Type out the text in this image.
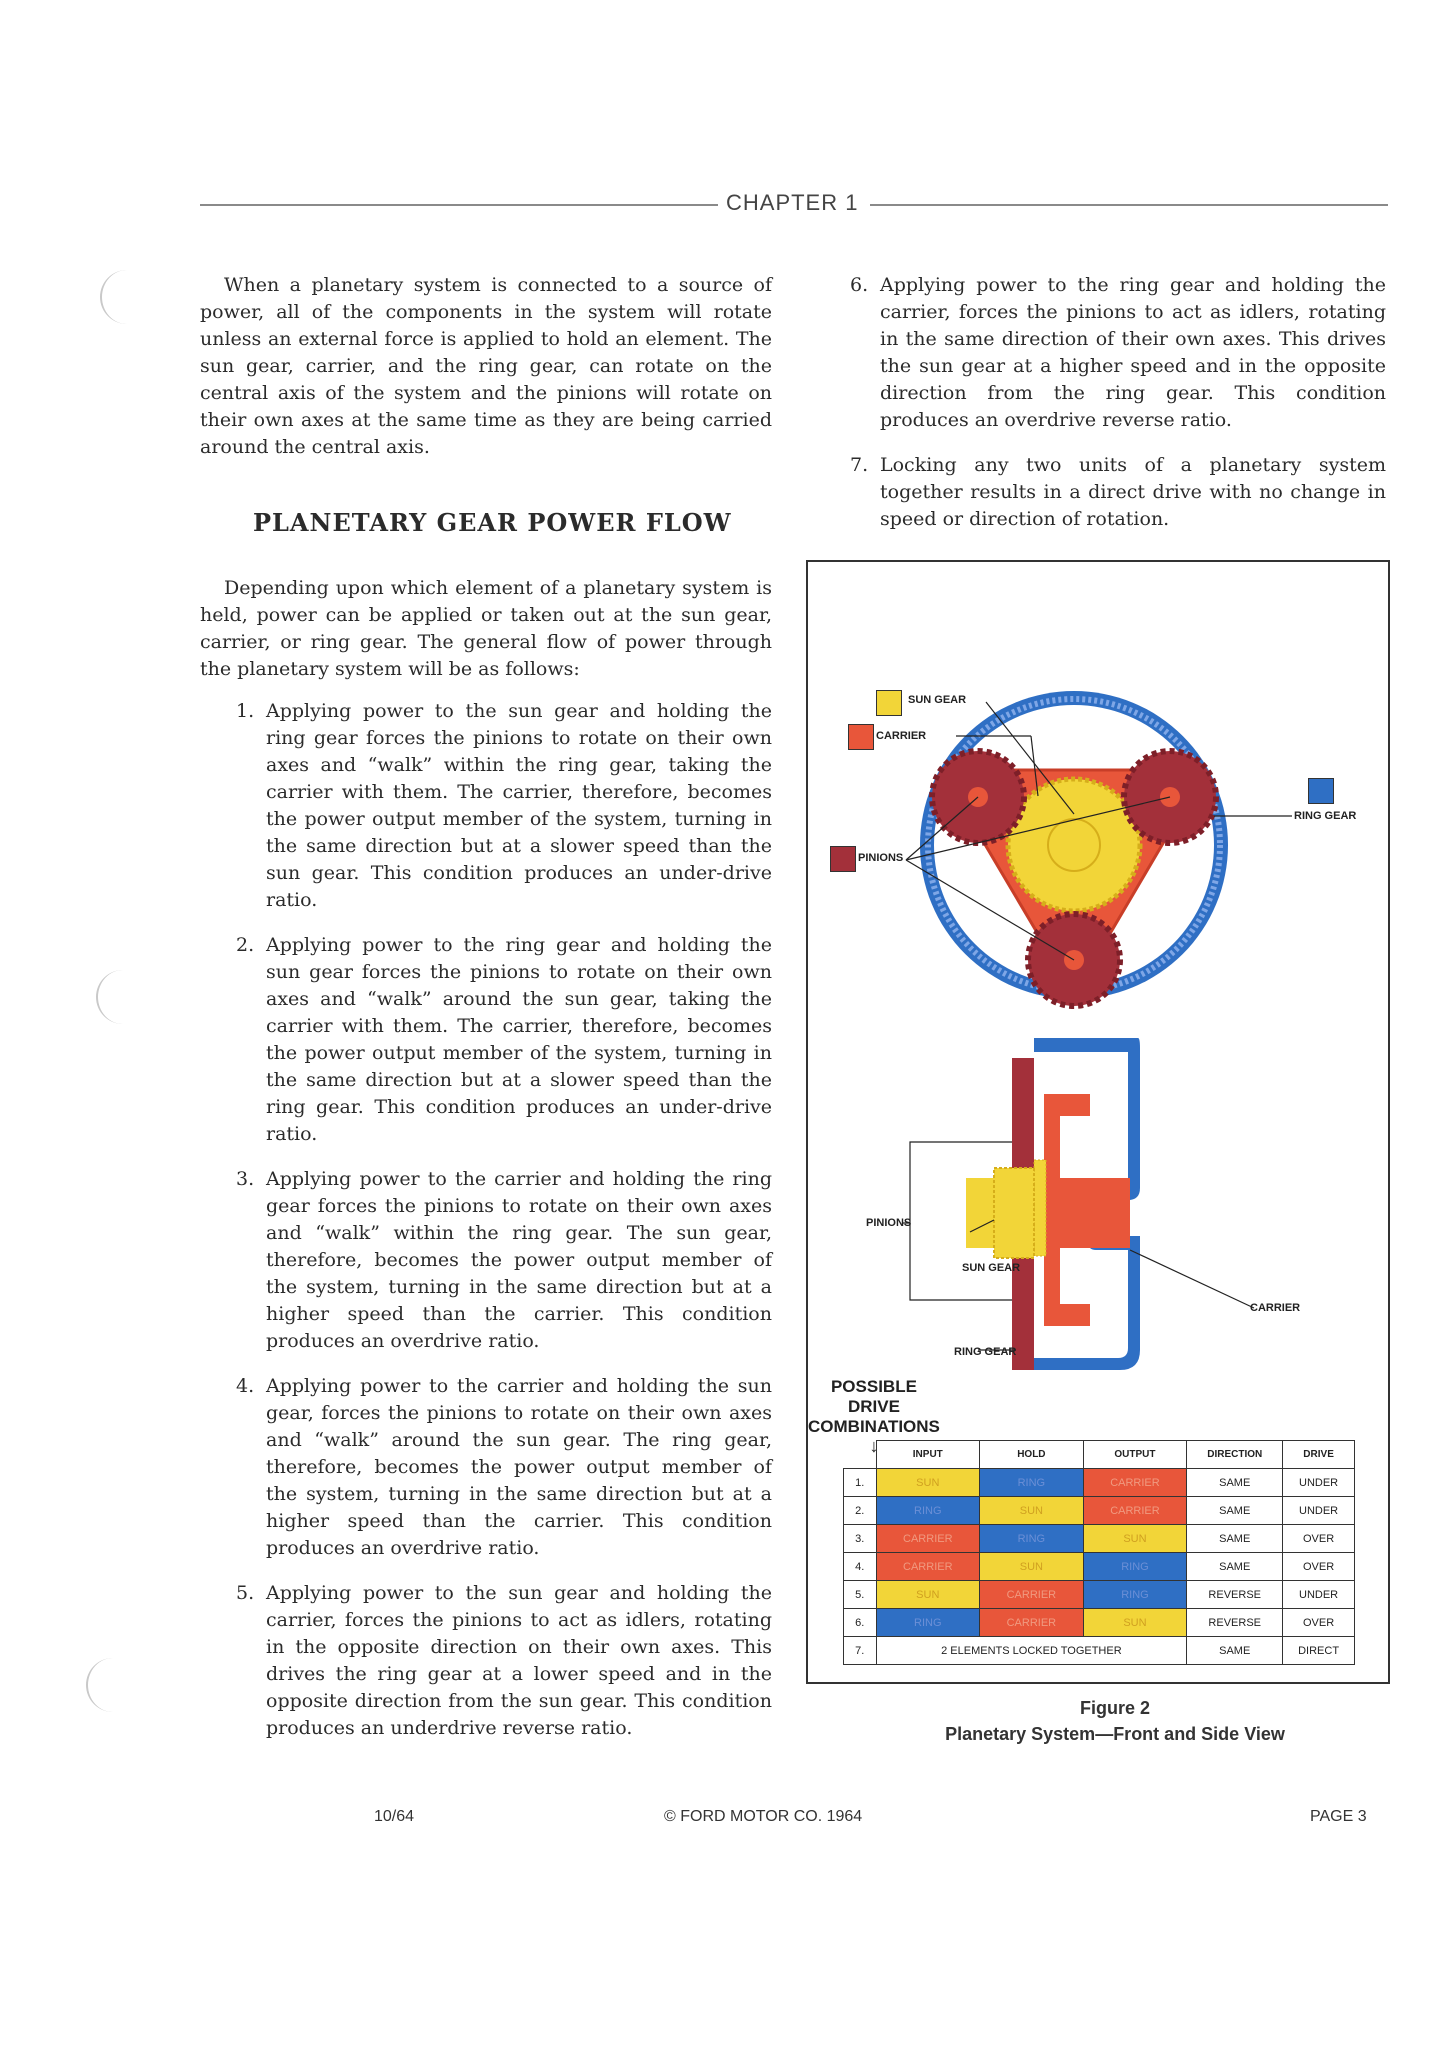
CHAPTER 1
When a planetary system is connected to a source of power, all of the components in the system will rotate unless an external force is applied to hold an element. The sun gear, carrier, and the ring gear, can rotate on the central axis of the system and the pinions will rotate on their own axes at the same time as they are being carried around the central axis.
PLANETARY GEAR POWER FLOW
Depending upon which element of a planetary system is held, power can be applied or taken out at the sun gear, carrier, or ring gear. The general flow of power through the planetary system will be as follows:
1. Applying power to the sun gear and holding the ring gear forces the pinions to rotate on their own axes and “walk” within the ring gear, taking the carrier with them. The carrier, therefore, becomes the power output member of the system, turning in the same direction but at a slower speed than the sun gear. This condition produces an under-drive ratio.
2. Applying power to the ring gear and holding the sun gear forces the pinions to rotate on their own axes and “walk” around the sun gear, taking the carrier with them. The carrier, therefore, becomes the power output member of the system, turning in the same direction but at a slower speed than the ring gear. This condition produces an under-drive ratio.
3. Applying power to the carrier and holding the ring gear forces the pinions to rotate on their own axes and “walk” within the ring gear. The sun gear, therefore, becomes the power output member of the system, turning in the same direction but at a higher speed than the carrier. This condition produces an overdrive ratio.
4. Applying power to the carrier and holding the sun gear, forces the pinions to rotate on their own axes and “walk” around the sun gear. The ring gear, therefore, becomes the power output member of the system, turning in the same direction but at a higher speed than the carrier. This condition produces an overdrive ratio.
5. Applying power to the sun gear and holding the carrier, forces the pinions to act as idlers, rotating in the opposite direction on their own axes. This drives the ring gear at a lower speed and in the opposite direction from the sun gear. This condition produces an underdrive reverse ratio.
6. Applying power to the ring gear and holding the carrier, forces the pinions to act as idlers, rotating in the same direction of their own axes. This drives the sun gear at a higher speed and in the opposite direction from the ring gear. This condition produces an overdrive reverse ratio.
7. Locking any two units of a planetary system together results in a direct drive with no change in speed or direction of rotation.
SUN GEAR
CARRIER
PINIONS
RING GEAR
PINIONS
SUN GEAR
CARRIER
RING GEAR
POSSIBLE
DRIVE
COMBINATIONS
↓
		INPUT	HOLD	OUTPUT	DIRECTION	DRIVE
1.	SUN	RING	CARRIER	SAME	UNDER
2.	RING	SUN	CARRIER	SAME	UNDER
3.	CARRIER	RING	SUN	SAME	OVER
4.	CARRIER	SUN	RING	SAME	OVER
5.	SUN	CARRIER	RING	REVERSE	UNDER
6.	RING	CARRIER	SUN	REVERSE	OVER
7.	2 ELEMENTS LOCKED TOGETHER			SAME	DIRECT
Figure 2
Planetary System—Front and Side View
10/64	© FORD MOTOR CO. 1964	PAGE 3
